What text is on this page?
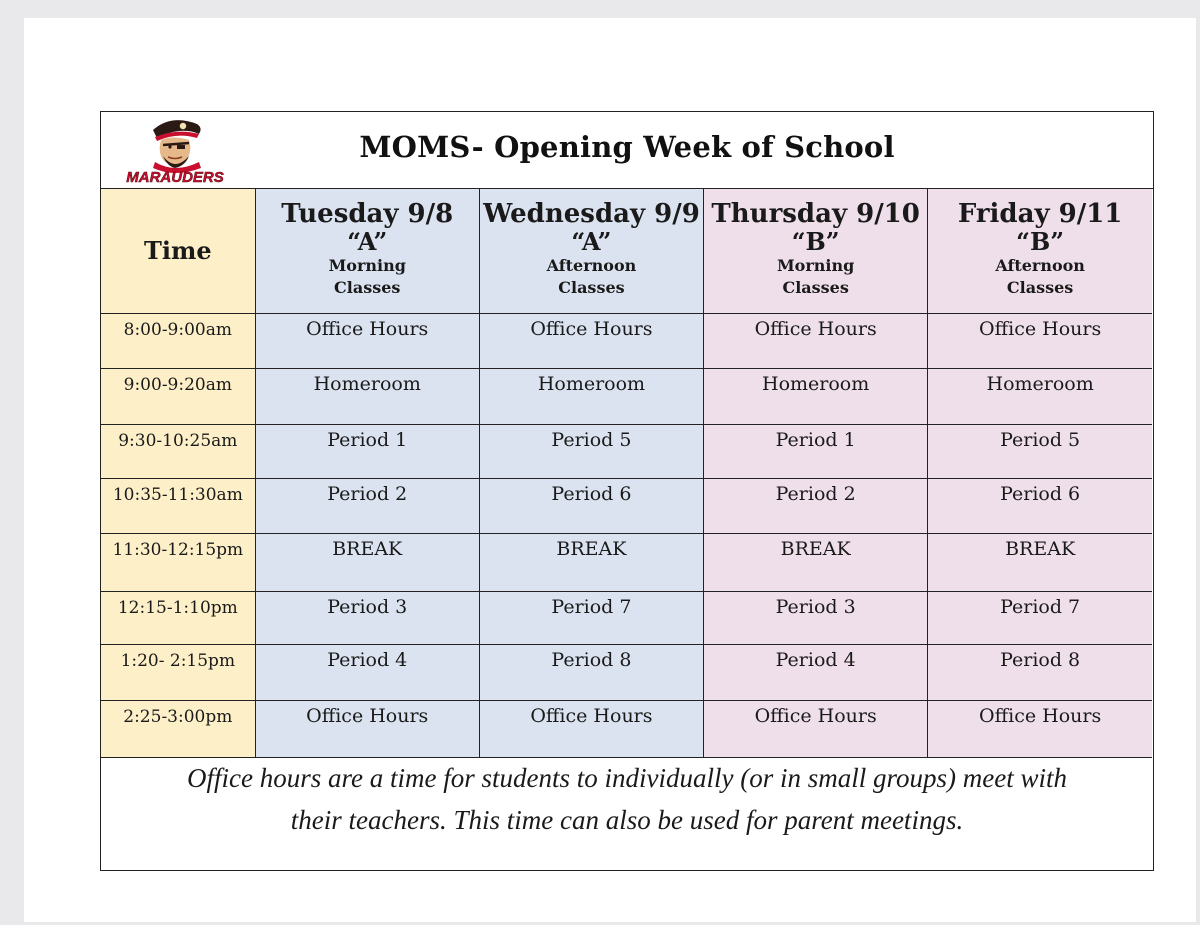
MARAUDERS
MOMS- Opening Week of School
Time	Tuesday 9/8
“A”
Morning
Classes	Wednesday 9/9
“A”
Afternoon
Classes	Thursday 9/10
“B”
Morning
Classes	Friday 9/11
“B”
Afternoon
Classes

8:00-9:00am	Office Hours	Office Hours	Office Hours	Office Hours
9:00-9:20am	Homeroom	Homeroom	Homeroom	Homeroom
9:30-10:25am	Period 1	Period 5	Period 1	Period 5
10:35-11:30am	Period 2	Period 6	Period 2	Period 6
11:30-12:15pm	BREAK	BREAK	BREAK	BREAK
12:15-1:10pm	Period 3	Period 7	Period 3	Period 7
1:20- 2:15pm	Period 4	Period 8	Period 4	Period 8
2:25-3:00pm	Office Hours	Office Hours	Office Hours	Office Hours
Office hours are a time for students to individually (or in small groups) meet with
their teachers. This time can also be used for parent meetings.
